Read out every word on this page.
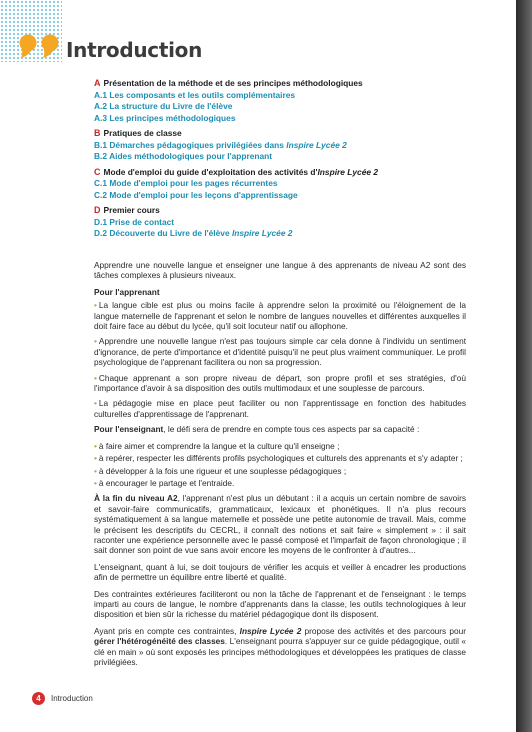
Introduction
A Présentation de la méthode et de ses principes méthodologiques
A.1 Les composants et les outils complémentaires
A.2 La structure du Livre de l'élève
A.3 Les principes méthodologiques
B Pratiques de classe
B.1 Démarches pédagogiques privilégiées dans Inspire Lycée 2
B.2 Aides méthodologiques pour l'apprenant
C Mode d'emploi du guide d'exploitation des activités d'Inspire Lycée 2
C.1 Mode d'emploi pour les pages récurrentes
C.2 Mode d'emploi pour les leçons d'apprentissage
D Premier cours
D.1 Prise de contact
D.2 Découverte du Livre de l'élève Inspire Lycée 2

Apprendre une nouvelle langue et enseigner une langue à des apprenants de niveau A2 sont des tâches complexes à plusieurs niveaux.

Pour l'apprenant

• La langue cible est plus ou moins facile à apprendre selon la proximité ou l'éloignement de la langue maternelle de l'apprenant et selon le nombre de langues nouvelles et différentes auxquelles il doit faire face au début du lycée, qu'il soit locuteur natif ou allophone.
• Apprendre une nouvelle langue n'est pas toujours simple car cela donne à l'individu un sentiment d'ignorance, de perte d'importance et d'identité puisqu'il ne peut plus vraiment communiquer. Le profil psychologique de l'apprenant facilitera ou non sa progression.
• Chaque apprenant a son propre niveau de départ, son propre profil et ses stratégies, d'où l'importance d'avoir à sa disposition des outils multimodaux et une souplesse de parcours.
• La pédagogie mise en place peut faciliter ou non l'apprentissage en fonction des habitudes culturelles d'apprentissage de l'apprenant.

Pour l'enseignant, le défi sera de prendre en compte tous ces aspects par sa capacité :

• à faire aimer et comprendre la langue et la culture qu'il enseigne ;
• à repérer, respecter les différents profils psychologiques et culturels des apprenants et s'y adapter ;
• à développer à la fois une rigueur et une souplesse pédagogiques ;
• à encourager le partage et l'entraide.

À la fin du niveau A2, l'apprenant n'est plus un débutant : il a acquis un certain nombre de savoirs et savoir-faire communicatifs, grammaticaux, lexicaux et phonétiques. Il n'a plus recours systématiquement à sa langue maternelle et possède une petite autonomie de travail. Mais, comme le précisent les descriptifs du CECRL, il connaît des notions et sait faire « simplement » : il sait raconter une expérience personnelle avec le passé composé et l'imparfait de façon chronologique ; il sait donner son point de vue sans avoir encore les moyens de le confronter à d'autres...

L'enseignant, quant à lui, se doit toujours de vérifier les acquis et veiller à encadrer les productions afin de permettre un équilibre entre liberté et qualité.

Des contraintes extérieures faciliteront ou non la tâche de l'apprenant et de l'enseignant : le temps imparti au cours de langue, le nombre d'apprenants dans la classe, les outils technologiques à leur disposition et bien sûr la richesse du matériel pédagogique dont ils disposent.

Ayant pris en compte ces contraintes, Inspire Lycée 2 propose des activités et des parcours pour gérer l'hétérogénéité des classes. L'enseignant pourra s'appuyer sur ce guide pédagogique, outil « clé en main » où sont exposés les principes méthodologiques et développées les pratiques de classe privilégiées.

4	Introduction
